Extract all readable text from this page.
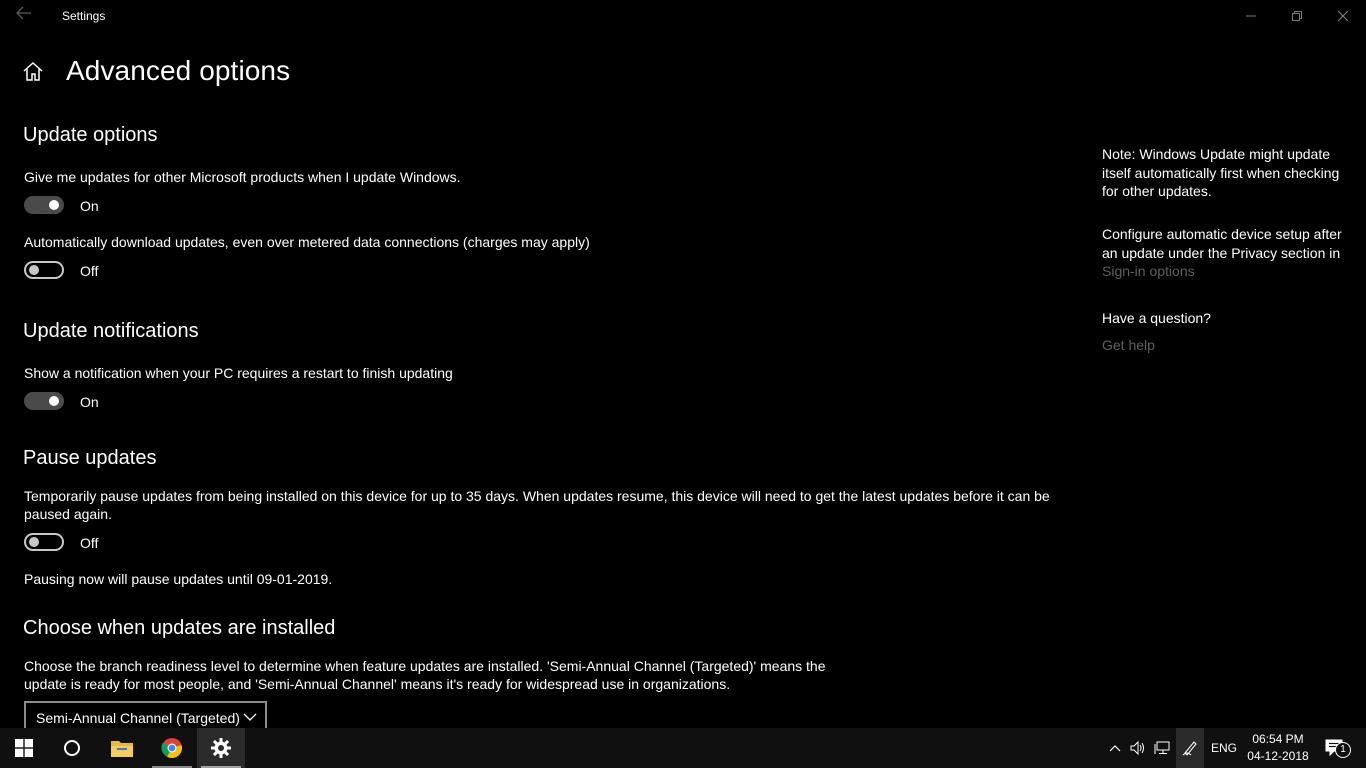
Settings
Advanced options
Update options
Give me updates for other Microsoft products when I update Windows.
On
Automatically download updates, even over metered data connections (charges may apply)
Off
Update notifications
Show a notification when your PC requires a restart to finish updating
On
Pause updates
Temporarily pause updates from being installed on this device for up to 35 days. When updates resume, this device will need to get the latest updates before it can be paused again.
Off
Pausing now will pause updates until 09-01-2019.
Choose when updates are installed
Choose the branch readiness level to determine when feature updates are installed. 'Semi-Annual Channel (Targeted)' means the update is ready for most people, and 'Semi-Annual Channel' means it's ready for widespread use in organizations.
Semi-Annual Channel (Targeted)
Note: Windows Update might update itself automatically first when checking for other updates.
Configure automatic device setup after an update under the Privacy section in Sign-in options
Have a question?
Get help
ENG
06:54 PM
04-12-2018	1
